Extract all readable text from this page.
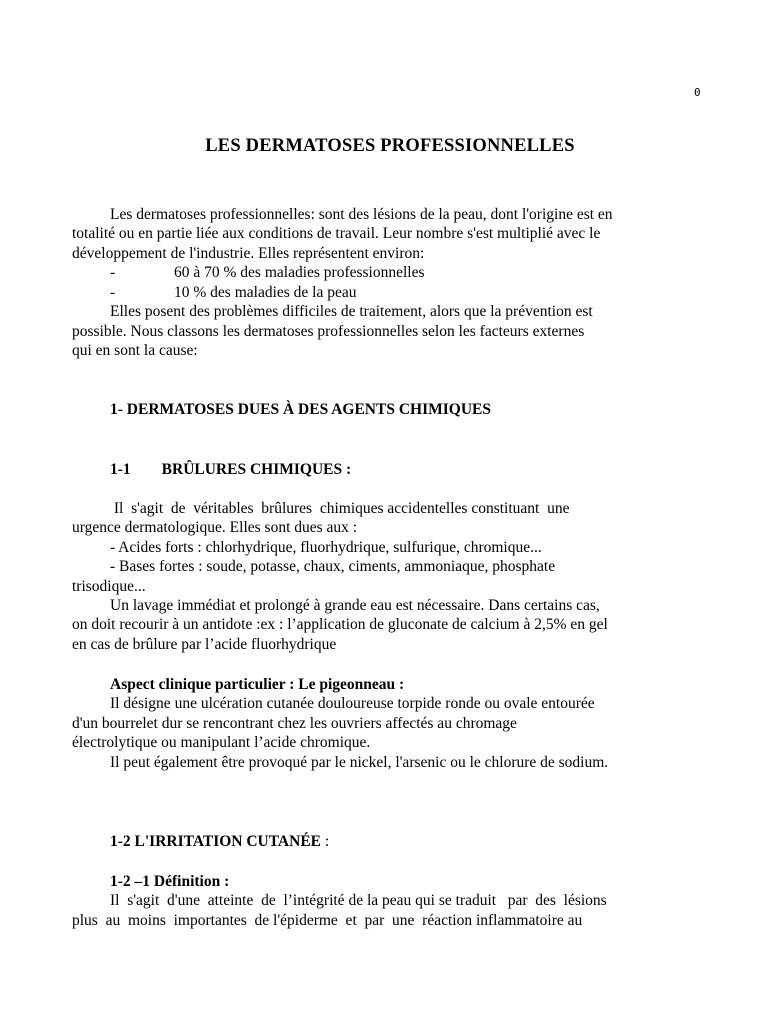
0
LES DERMATOSES PROFESSIONNELLES
Les dermatoses professionnelles: sont des lésions de la peau, dont l'origine est en
totalité ou en partie liée aux conditions de travail. Leur nombre s'est multiplié avec le
développement de l'industrie. Elles représentent environ:
-	60 à 70 % des maladies professionnelles
-	10 % des maladies de la peau
Elles posent des problèmes difficiles de traitement, alors que la prévention est
possible. Nous classons les dermatoses professionnelles selon les facteurs externes
qui en sont la cause:
1- DERMATOSES DUES À DES AGENTS CHIMIQUES
1-1        BRÛLURES CHIMIQUES :
Il  s'agit  de  véritables  brûlures  chimiques accidentelles constituant  une
urgence dermatologique. Elles sont dues aux :
- Acides forts : chlorhydrique, fluorhydrique, sulfurique, chromique...
- Bases fortes : soude, potasse, chaux, ciments, ammoniaque, phosphate
trisodique...
Un lavage immédiat et prolongé à grande eau est nécessaire. Dans certains cas,
on doit recourir à un antidote :ex : l’application de gluconate de calcium à 2,5% en gel
en cas de brûlure par l’acide fluorhydrique
Aspect clinique particulier : Le pigeonneau :
Il désigne une ulcération cutanée douloureuse torpide ronde ou ovale entourée
d'un bourrelet dur se rencontrant chez les ouvriers affectés au chromage
électrolytique ou manipulant l’acide chromique.
Il peut également être provoqué par le nickel, l'arsenic ou le chlorure de sodium.
1-2 L'IRRITATION CUTANÉE :
1-2 –1 Définition :
Il  s'agit  d'une  atteinte  de  l’intégrité de la peau qui se traduit   par  des  lésions
plus  au  moins  importantes  de l'épiderme  et  par  une  réaction inflammatoire au
